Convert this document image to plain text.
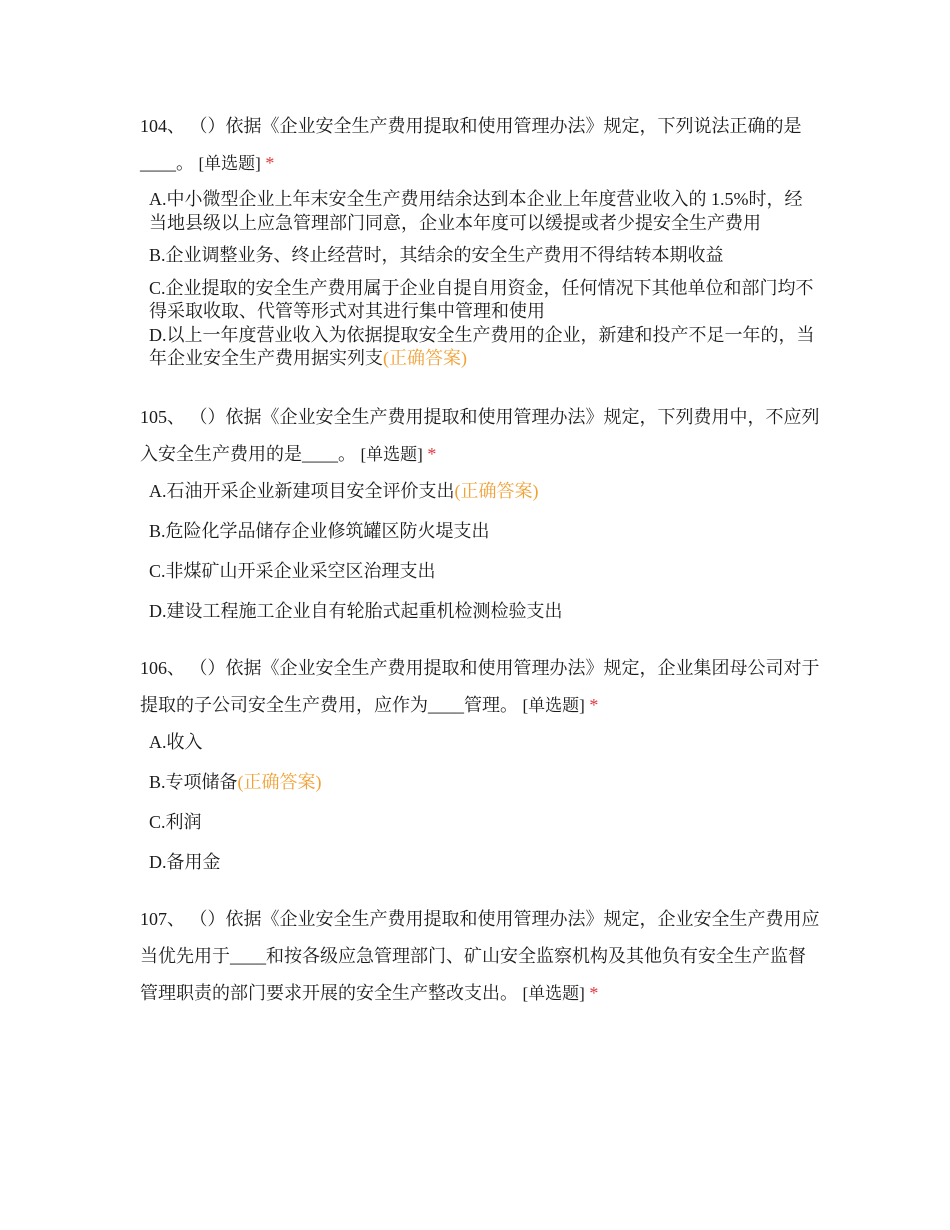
104、 （）依据《企业安全生产费用提取和使用管理办法》规定，下列说法正确的是____。 [单选题] *

A.中小微型企业上年末安全生产费用结余达到本企业上年度营业收入的 1.5%时，经当地县级以上应急管理部门同意，企业本年度可以缓提或者少提安全生产费用
B.企业调整业务、终止经营时，其结余的安全生产费用不得结转本期收益
C.企业提取的安全生产费用属于企业自提自用资金，任何情况下其他单位和部门均不得采取收取、代管等形式对其进行集中管理和使用
D.以上一年度营业收入为依据提取安全生产费用的企业，新建和投产不足一年的，当年企业安全生产费用据实列支(正确答案)

105、 （）依据《企业安全生产费用提取和使用管理办法》规定，下列费用中，不应列入安全生产费用的是____。 [单选题] *

A.石油开采企业新建项目安全评价支出(正确答案)
B.危险化学品储存企业修筑罐区防火堤支出
C.非煤矿山开采企业采空区治理支出
D.建设工程施工企业自有轮胎式起重机检测检验支出

106、 （）依据《企业安全生产费用提取和使用管理办法》规定，企业集团母公司对于提取的子公司安全生产费用，应作为____管理。 [单选题] *

A.收入
B.专项储备(正确答案)
C.利润
D.备用金

107、 （）依据《企业安全生产费用提取和使用管理办法》规定，企业安全生产费用应当优先用于____和按各级应急管理部门、矿山安全监察机构及其他负有安全生产监督管理职责的部门要求开展的安全生产整改支出。 [单选题] *
